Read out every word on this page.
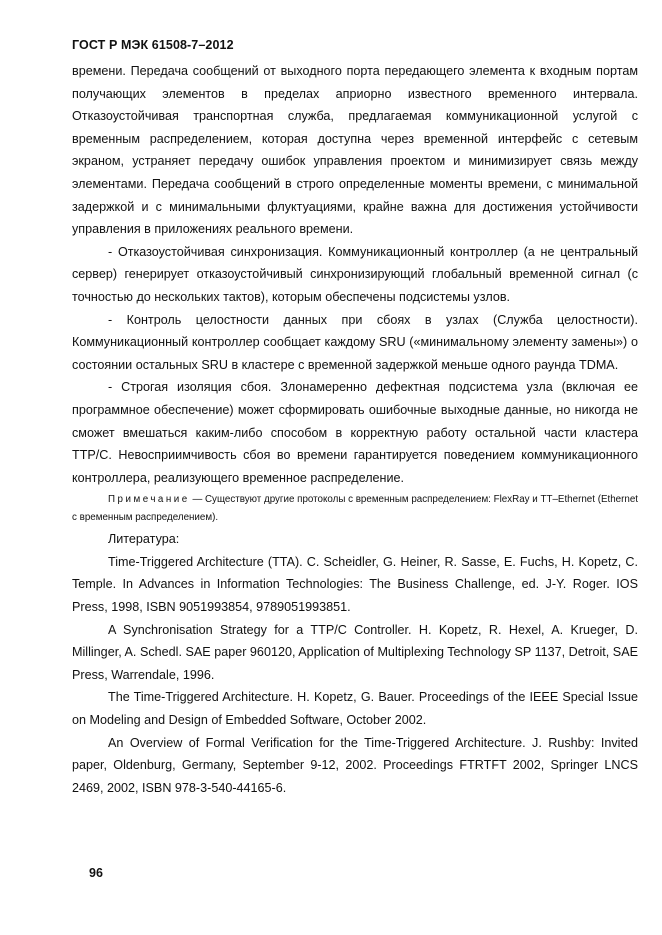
ГОСТ Р МЭК 61508-7–2012

времени. Передача сообщений от выходного порта передающего элемента к входным портам получающих элементов в пределах априорно известного временного интервала. Отказоустойчивая транспортная служба, предлагаемая коммуникационной услугой с временным распределением, которая доступна через временной интерфейс с сетевым экраном, устраняет передачу ошибок управления проектом и минимизирует связь между элементами. Передача сообщений в строго определенные моменты времени, с минимальной задержкой и с минимальными флуктуациями, крайне важна для достижения устойчивости управления в приложениях реального времени.

- Отказоустойчивая синхронизация. Коммуникационный контроллер (а не центральный сервер) генерирует отказоустойчивый синхронизирующий глобальный временной сигнал (с точностью до нескольких тактов), которым обеспечены подсистемы узлов.

- Контроль целостности данных при сбоях в узлах (Служба целостности). Коммуникационный контроллер сообщает каждому SRU («минимальному элементу замены») о состоянии остальных SRU в кластере с временной задержкой меньше одного раунда TDMA.

- Строгая изоляция сбоя. Злонамеренно дефектная подсистема узла (включая ее программное обеспечение) может сформировать ошибочные выходные данные, но никогда не сможет вмешаться каким-либо способом в корректную работу остальной части кластера TTP/C. Невосприимчивость сбоя во времени гарантируется поведением коммуникационного контроллера, реализующего временное распределение.

Примечание — Существуют другие протоколы с временным распределением: FlexRay и TT–Ethernet (Ethernet с временным распределением).

Литература:

Time-Triggered Architecture (TTA). C. Scheidler, G. Heiner, R. Sasse, E. Fuchs, H. Kopetz, C. Temple. In Advances in Information Technologies: The Business Challenge, ed. J-Y. Roger. IOS Press, 1998, ISBN 9051993854, 9789051993851.

A Synchronisation Strategy for a TTP/C Controller. H. Kopetz, R. Hexel, A. Krueger, D. Millinger, A. Schedl. SAE paper 960120, Application of Multiplexing Technology SP 1137, Detroit, SAE Press, Warrendale, 1996.

The Time-Triggered Architecture. H. Kopetz, G. Bauer. Proceedings of the IEEE Special Issue on Modeling and Design of Embedded Software, October 2002.

An Overview of Formal Verification for the Time-Triggered Architecture. J. Rushby: Invited paper, Oldenburg, Germany, September 9-12, 2002. Proceedings FTRTFT 2002, Springer LNCS 2469, 2002, ISBN 978-3-540-44165-6.

96
